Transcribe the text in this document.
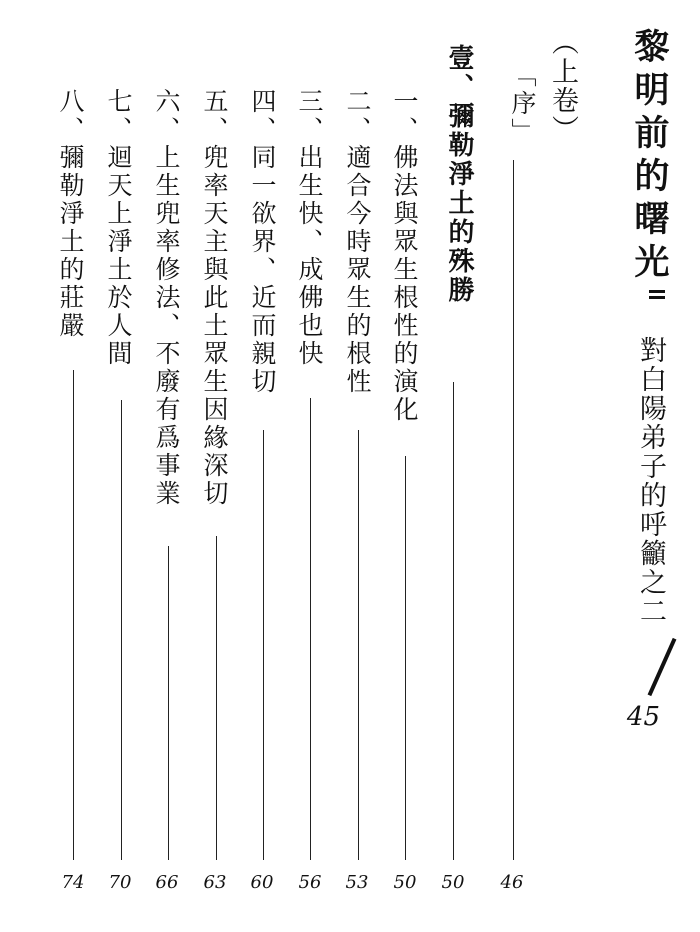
黎明前的曙光
對白陽弟子的呼籲之二
45
（上卷）
「序」
46
壹、彌勒淨土的殊勝
50
一、佛法與眾生根性的演化
50
二、適合今時眾生的根性
53
三、出生快、成佛也快
56
四、同一欲界、近而親切
60
五、兜率天主與此土眾生因緣深切
63
六、上生兜率修法、不廢有爲事業
66
七、迴天上淨土於人間
70
八、彌勒淨土的莊嚴
74
